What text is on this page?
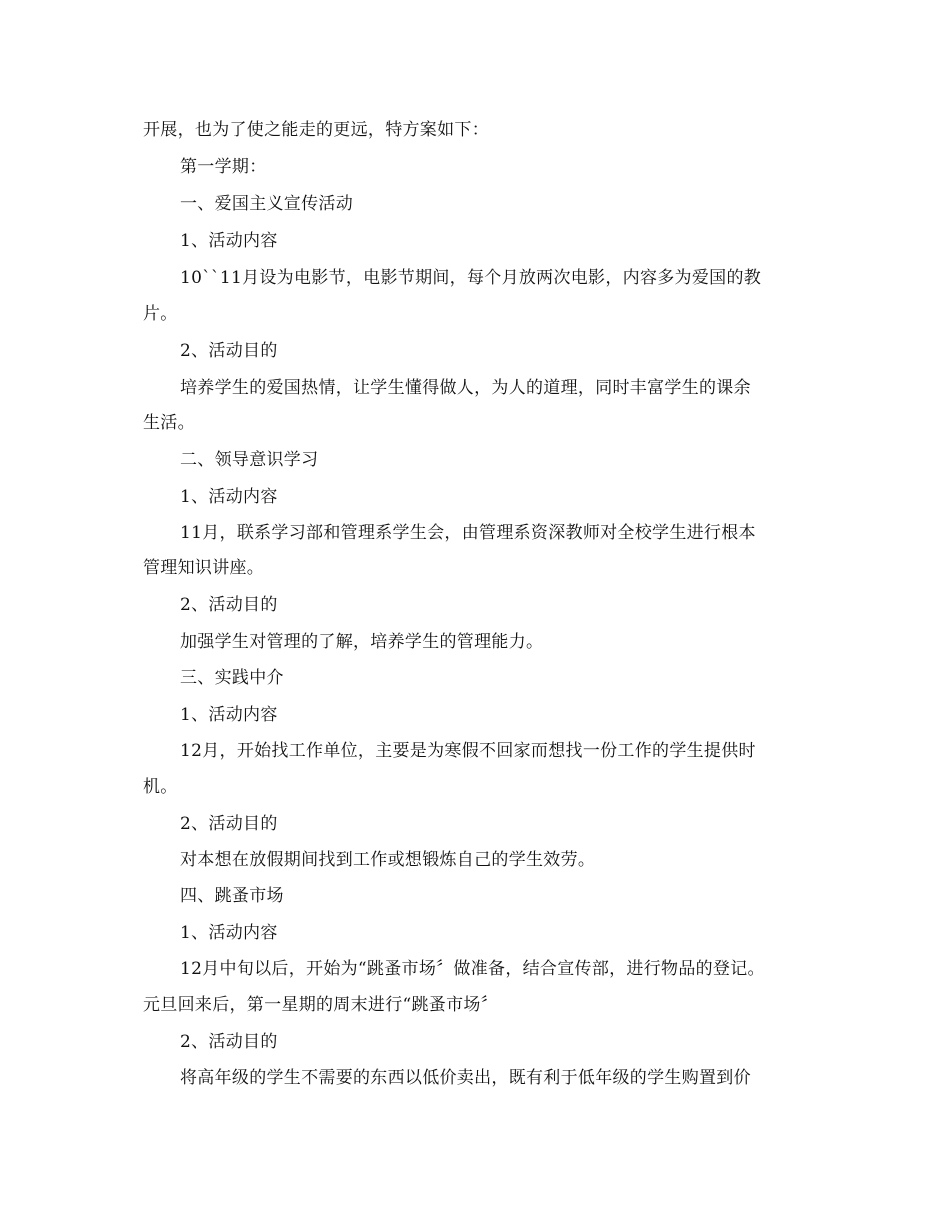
开展，也为了使之能走的更远，特方案如下：
第一学期：
一、爱国主义宣传活动
1、活动内容
10``11月设为电影节，电影节期间，每个月放两次电影，内容多为爱国的教
片。
2、活动目的
培养学生的爱国热情，让学生懂得做人，为人的道理，同时丰富学生的课余
生活。
二、领导意识学习
1、活动内容
11月，联系学习部和管理系学生会，由管理系资深教师对全校学生进行根本
管理知识讲座。
2、活动目的
加强学生对管理的了解，培养学生的管理能力。
三、实践中介
1、活动内容
12月，开始找工作单位，主要是为寒假不回家而想找一份工作的学生提供时
机。
2、活动目的
对本想在放假期间找到工作或想锻炼自己的学生效劳。
四、跳蚤市场
1、活动内容
12月中旬以后，开始为“跳蚤市场〞做准备，结合宣传部，进行物品的登记。
元旦回来后，第一星期的周末进行“跳蚤市场〞
2、活动目的
将高年级的学生不需要的东西以低价卖出，既有利于低年级的学生购置到价
